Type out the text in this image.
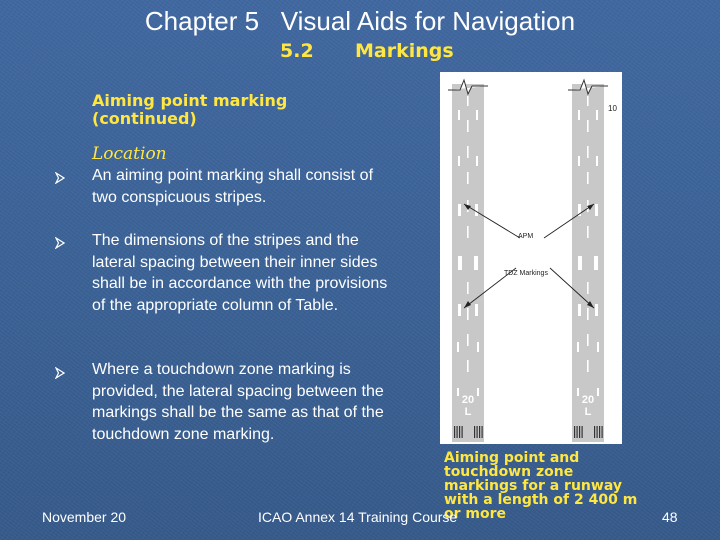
Chapter 5   Visual Aids for Navigation
5.2 Markings
Aiming point marking
(continued)
Location
An aiming point marking shall consist of two conspicuous stripes.
The dimensions of the stripes and the lateral spacing between their inner sides shall be in accordance with the provisions of the appropriate column of Table.
Where a touchdown zone marking is provided, the lateral spacing between the markings shall be the same as that of the touchdown zone marking.
10
APM
TDZ Markings
20
L
20
L
Aiming point and touchdown zone markings for a runway with a length of 2 400 m or more
November 20	ICAO Annex 14 Training Course	48
